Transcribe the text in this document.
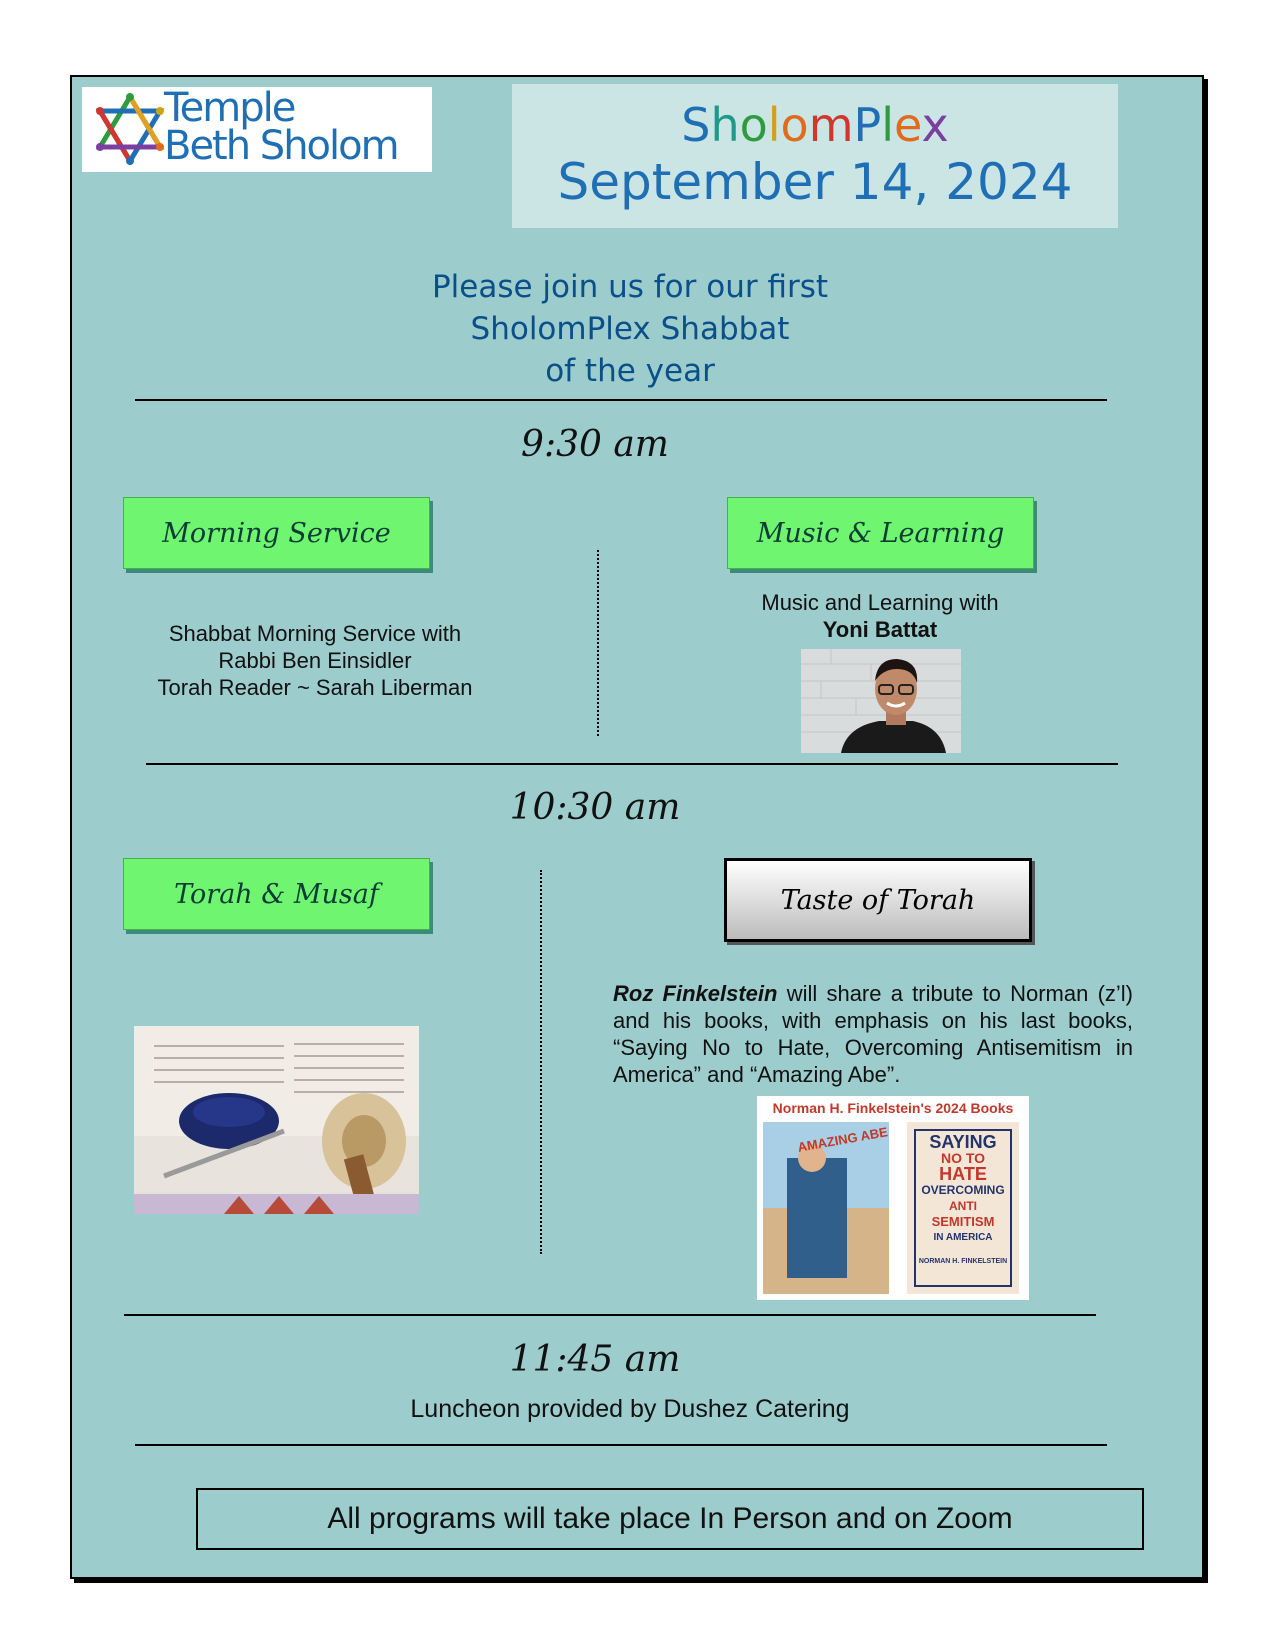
Temple
Beth Sholom	SholomPlex
September 14, 2024
Please join us for our first
SholomPlex Shabbat
of the year
9:30 am
Morning Service	Music & Learning
Shabbat Morning Service with
Rabbi Ben Einsidler
Torah Reader ~ Sarah Liberman
Music and Learning with
Yoni Battat
10:30 am
Torah & Musaf	Taste of Torah
Roz Finkelstein will share a tribute to Norman (z’l) and his books, with emphasis on his last books, “Saying No to Hate, Overcoming Antisemitism in America” and “Amazing Abe”.
Norman H. Finkelstein's 2024 Books
AMAZING ABE	SAYING
NO TO
HATE
OVERCOMING
ANTI
SEMITISM
IN AMERICA
NORMAN H. FINKELSTEIN
11:45 am
Luncheon provided by Dushez Catering
All programs will take place In Person and on Zoom
